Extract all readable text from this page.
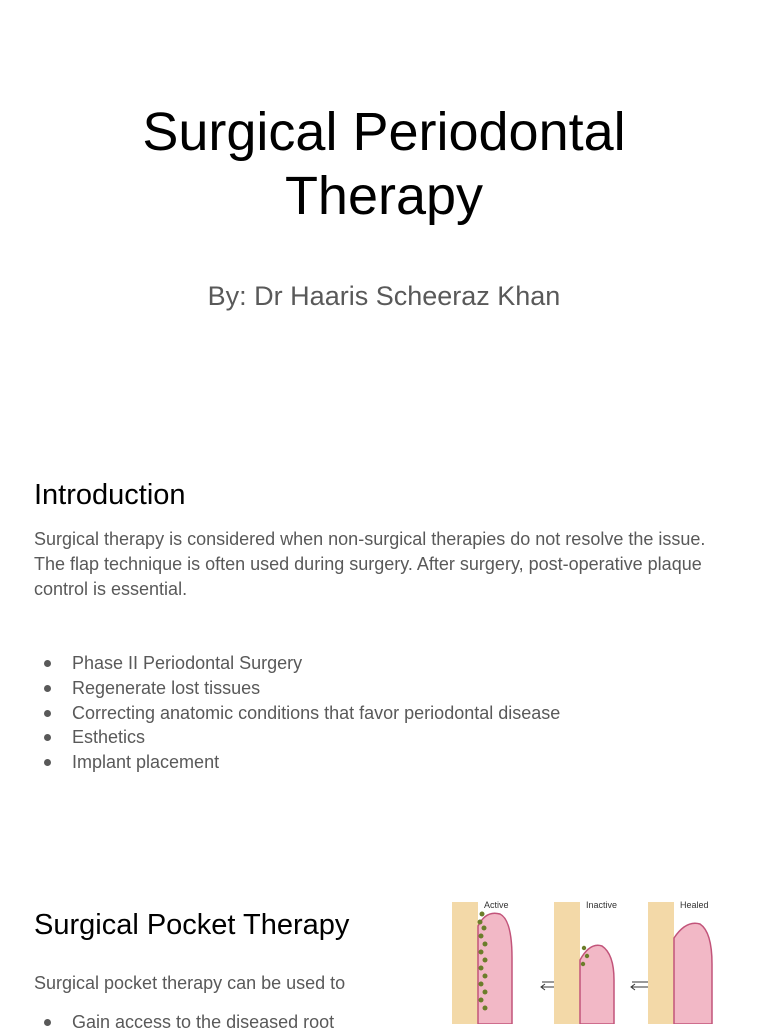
Surgical Periodontal
Therapy
By: Dr Haaris Scheeraz Khan
Introduction
Surgical therapy is considered when non-surgical therapies do not resolve the issue. The flap technique is often used during surgery. After surgery, post-operative plaque control is essential.
Phase II Periodontal Surgery
Regenerate lost tissues
Correcting anatomic conditions that favor periodontal disease
Esthetics
Implant placement
Surgical Pocket Therapy
Surgical pocket therapy can be used to
Gain access to the diseased root
Active	Inactive	Healed
